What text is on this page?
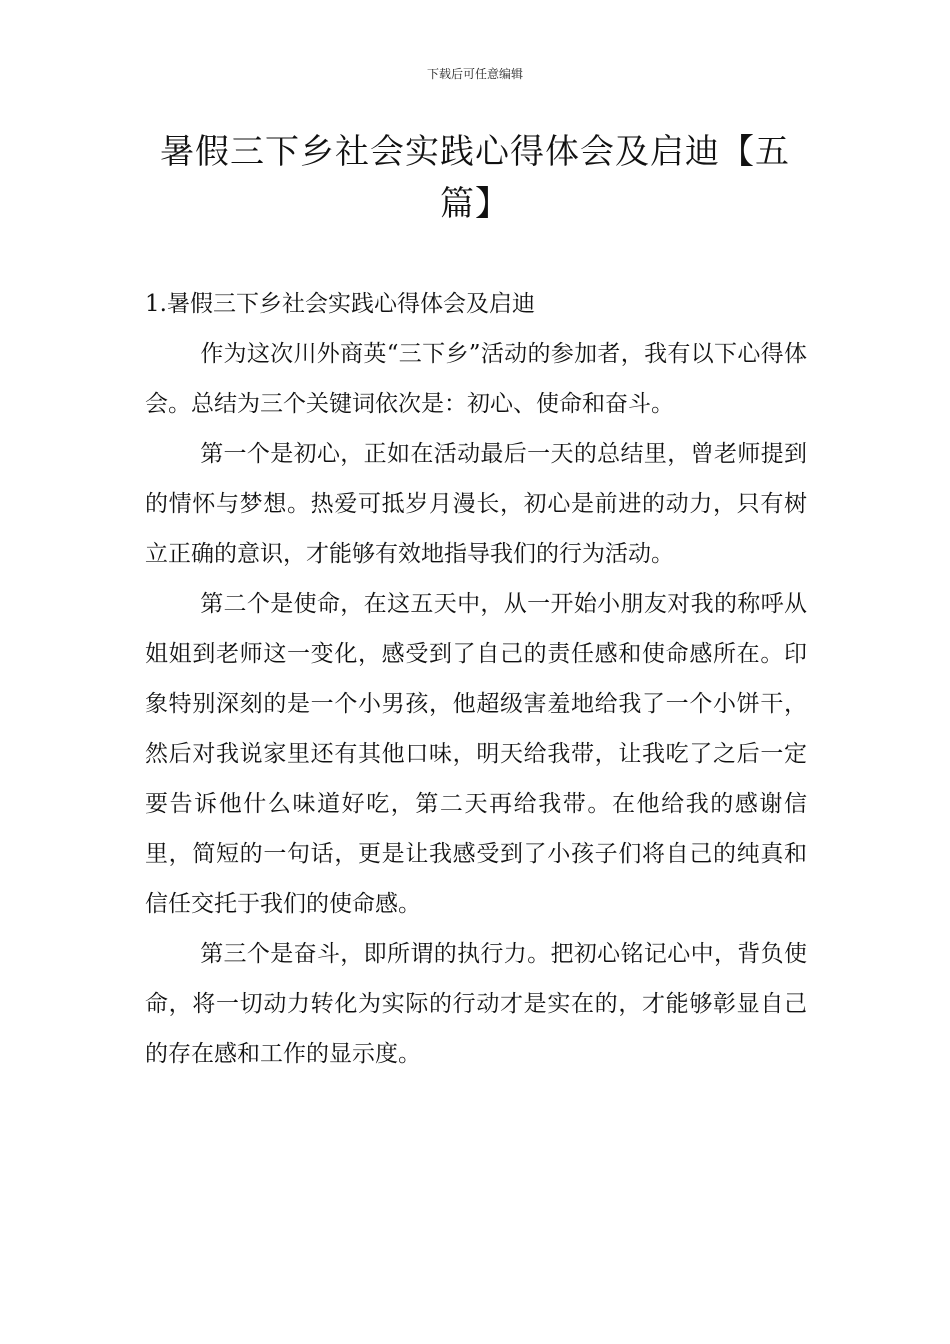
下载后可任意编辑
暑假三下乡社会实践心得体会及启迪【五篇】

1.暑假三下乡社会实践心得体会及启迪

作为这次川外商英“三下乡”活动的参加者，我有以下心得体会。总结为三个关键词依次是：初心、使命和奋斗。

第一个是初心，正如在活动最后一天的总结里，曾老师提到的情怀与梦想。热爱可抵岁月漫长，初心是前进的动力，只有树立正确的意识，才能够有效地指导我们的行为活动。

第二个是使命，在这五天中，从一开始小朋友对我的称呼从姐姐到老师这一变化，感受到了自己的责任感和使命感所在。印象特别深刻的是一个小男孩，他超级害羞地给我了一个小饼干，然后对我说家里还有其他口味，明天给我带，让我吃了之后一定要告诉他什么味道好吃，第二天再给我带。在他给我的感谢信里，简短的一句话，更是让我感受到了小孩子们将自己的纯真和信任交托于我们的使命感。

第三个是奋斗，即所谓的执行力。把初心铭记心中，背负使命，将一切动力转化为实际的行动才是实在的，才能够彰显自己的存在感和工作的显示度。
